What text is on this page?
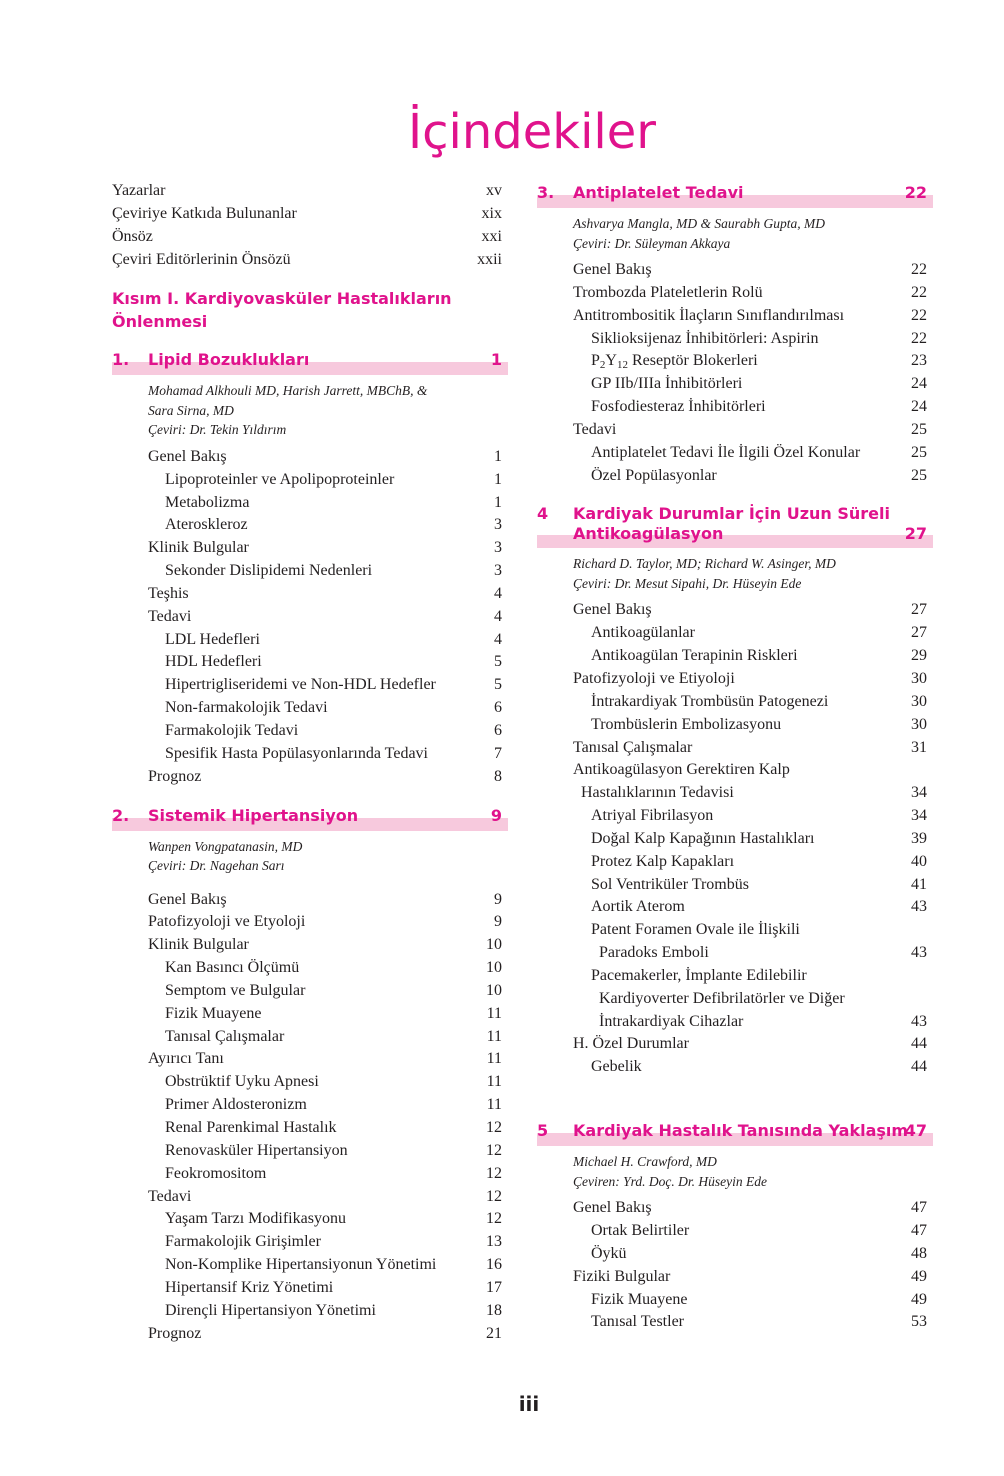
İçindekiler
Yazarlar	xv
Çeviriye Katkıda Bulunanlar	xix
Önsöz	xxi
Çeviri Editörlerinin Önsözü	xxii
Kısım I. Kardiyovasküler Hastalıkların
Önlenmesi
1. Lipid Bozuklukları	1
Mohamad Alkhouli MD, Harish Jarrett, MBChB, &
Sara Sirna, MD
Çeviri: Dr. Tekin Yıldırım
Genel Bakış	1
Lipoproteinler ve Apolipoproteinler	1
Metabolizma	1
Ateroskleroz	3
Klinik Bulgular	3
Sekonder Dislipidemi Nedenleri	3
Teşhis	4
Tedavi	4
LDL Hedefleri	4
HDL Hedefleri	5
Hipertrigliseridemi ve Non-HDL Hedefler	5
Non-farmakolojik Tedavi	6
Farmakolojik Tedavi	6
Spesifik Hasta Popülasyonlarında Tedavi	7
Prognoz	8
2. Sistemik Hipertansiyon	9
Wanpen Vongpatanasin, MD
Çeviri: Dr. Nagehan Sarı
Genel Bakış	9
Patofizyoloji ve Etyoloji	9
Klinik Bulgular	10
Kan Basıncı Ölçümü	10
Semptom ve Bulgular	10
Fizik Muayene	11
Tanısal Çalışmalar	11
Ayırıcı Tanı	11
Obstrüktif Uyku Apnesi	11
Primer Aldosteronizm	11
Renal Parenkimal Hastalık	12
Renovasküler Hipertansiyon	12
Feokromositom	12
Tedavi	12
Yaşam Tarzı Modifikasyonu	12
Farmakolojik Girişimler	13
Non-Komplike Hipertansiyonun Yönetimi	16
Hipertansif Kriz Yönetimi	17
Dirençli Hipertansiyon Yönetimi	18
Prognoz	21
3. Antiplatelet Tedavi	22
Ashvarya Mangla, MD & Saurabh Gupta, MD
Çeviri: Dr. Süleyman Akkaya
Genel Bakış	22
Trombozda Plateletlerin Rolü	22
Antitrombositik İlaçların Sınıflandırılması	22
Siklioksijenaz İnhibitörleri: Aspirin	22
$P_2Y_{12}$ Reseptör Blokerleri	23
GP IIb/IIIa İnhibitörleri	24
Fosfodiesteraz İnhibitörleri	24
Tedavi	25
Antiplatelet Tedavi İle İlgili Özel Konular	25
Özel Popülasyonlar	25
4 Kardiyak Durumlar İçin Uzun Süreli
Antikoagülasyon	27
Richard D. Taylor, MD; Richard W. Asinger, MD
Çeviri: Dr. Mesut Sipahi, Dr. Hüseyin Ede
Genel Bakış	27
Antikoagülanlar	27
Antikoagülan Terapinin Riskleri	29
Patofizyoloji ve Etiyoloji	30
İntrakardiyak Trombüsün Patogenezi	30
Trombüslerin Embolizasyonu	30
Tanısal Çalışmalar	31
Antikoagülasyon Gerektiren Kalp
Hastalıklarının Tedavisi	34
Atriyal Fibrilasyon	34
Doğal Kalp Kapağının Hastalıkları	39
Protez Kalp Kapakları	40
Sol Ventriküler Trombüs	41
Aortik Aterom	43
Patent Foramen Ovale ile İlişkili
Paradoks Emboli	43
Pacemakerler, İmplante Edilebilir
Kardiyoverter Defibrilatörler ve Diğer
İntrakardiyak Cihazlar	43
H. Özel Durumlar	44
Gebelik	44
5 Kardiyak Hastalık Tanısında Yaklaşım
47
Michael H. Crawford, MD
Çeviren: Yrd. Doç. Dr. Hüseyin Ede
Genel Bakış	47
Ortak Belirtiler	47
Öykü	48
Fiziki Bulgular	49
Fizik Muayene	49
Tanısal Testler	53
iii
